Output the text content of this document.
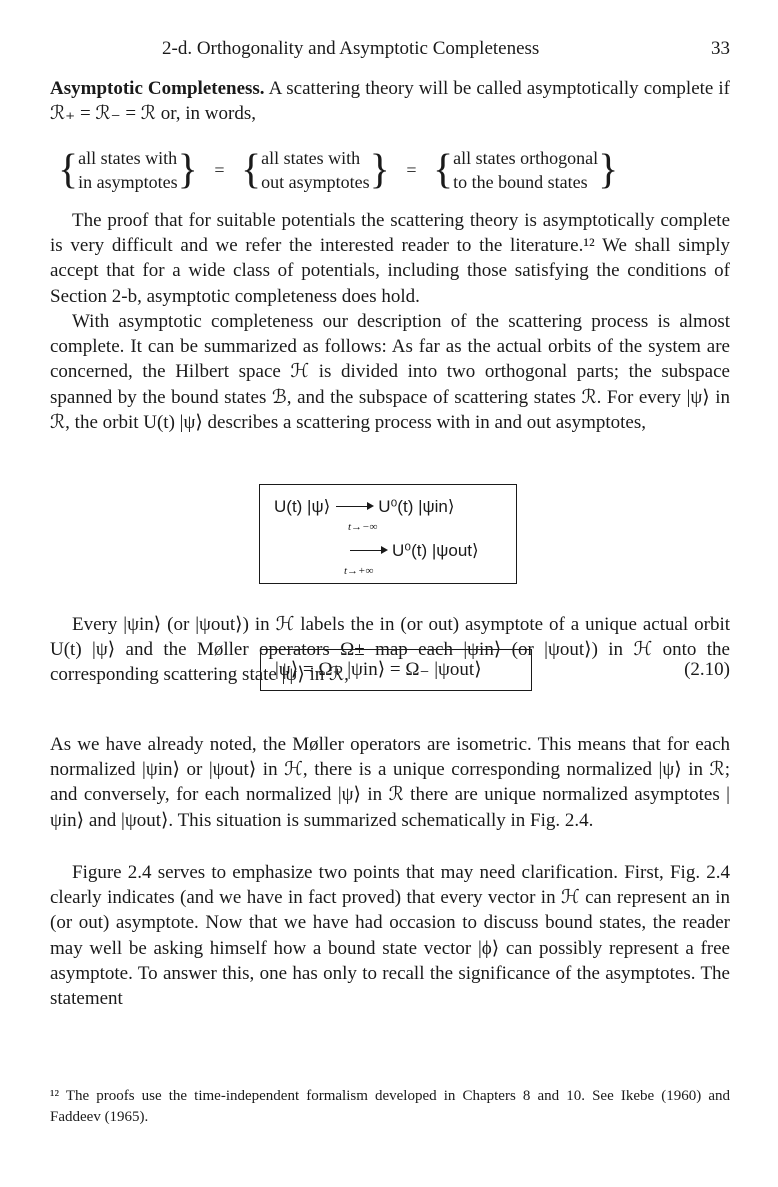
2-d. Orthogonality and Asymptotic Completeness	33

Asymptotic Completeness. A scattering theory will be called asymptotically complete if ℛ₊ = ℛ₋ = ℛ or, in words,

{all states with
in asymptotes} = {all states with
out asymptotes} = {all states orthogonal
to the bound states }

The proof that for suitable potentials the scattering theory is asymptotically complete is very difficult and we refer the interested reader to the literature.¹² We shall simply accept that for a wide class of potentials, including those satisfying the conditions of Section 2-b, asymptotic completeness does hold.

With asymptotic completeness our description of the scattering process is almost complete. It can be summarized as follows: As far as the actual orbits of the system are concerned, the Hilbert space ℋ is divided into two orthogonal parts; the subspace spanned by the bound states ℬ, and the subspace of scattering states ℛ. For every |ψ⟩ in ℛ, the orbit U(t) |ψ⟩ describes a scattering process with in and out asymptotes,

U(t) |ψ⟩	U⁰(t) |ψin⟩
t→−∞
U⁰(t) |ψout⟩
t→+∞

Every |ψin⟩ (or |ψout⟩) in ℋ labels the in (or out) asymptote of a unique actual orbit U(t) |ψ⟩ and the Møller operators Ω± map each |ψin⟩ (or |ψout⟩) in ℋ onto the corresponding scattering state |ψ⟩ in ℛ,

|ψ⟩ = Ω₊ |ψin⟩ = Ω₋ |ψout⟩	(2.10)

As we have already noted, the Møller operators are isometric. This means that for each normalized |ψin⟩ or |ψout⟩ in ℋ, there is a unique corresponding normalized |ψ⟩ in ℛ; and conversely, for each normalized |ψ⟩ in ℛ there are unique normalized asymptotes |ψin⟩ and |ψout⟩. This situation is summarized schematically in Fig. 2.4.

Figure 2.4 serves to emphasize two points that may need clarification. First, Fig. 2.4 clearly indicates (and we have in fact proved) that every vector in ℋ can represent an in (or out) asymptote. Now that we have had occasion to discuss bound states, the reader may well be asking himself how a bound state vector |ϕ⟩ can possibly represent a free asymptote. To answer this, one has only to recall the significance of the asymptotes. The statement

¹² The proofs use the time-independent formalism developed in Chapters 8 and 10. See Ikebe (1960) and Faddeev (1965).
